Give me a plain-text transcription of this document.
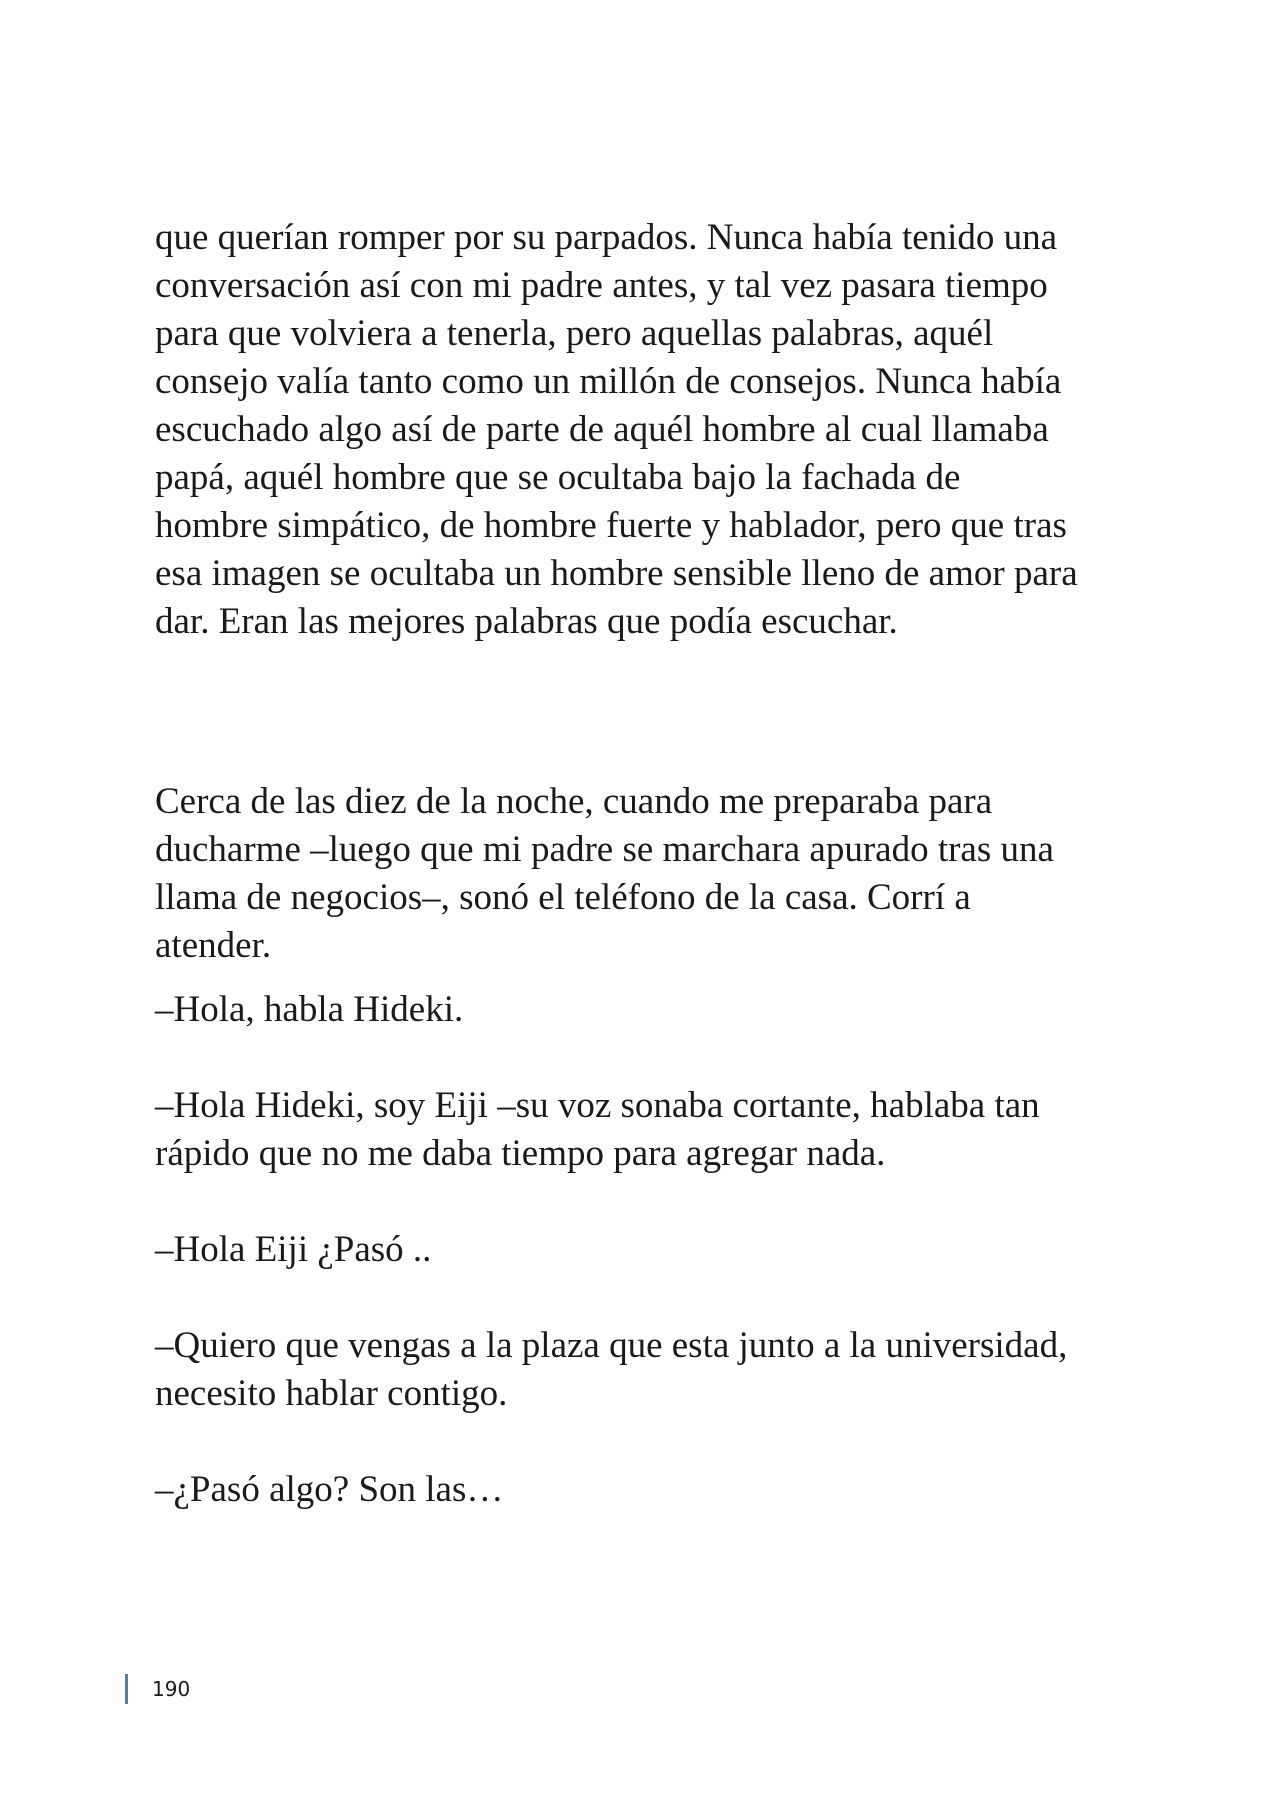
que querían romper por su parpados. Nunca había tenido una
conversación así con mi padre antes, y tal vez pasara tiempo
para que volviera a tenerla, pero aquellas palabras, aquél
consejo valía tanto como un millón de consejos. Nunca había
escuchado algo así de parte de aquél hombre al cual llamaba
papá, aquél hombre que se ocultaba bajo la fachada de
hombre simpático, de hombre fuerte y hablador, pero que tras
esa imagen se ocultaba un hombre sensible lleno de amor para
dar. Eran las mejores palabras que podía escuchar.
Cerca de las diez de la noche, cuando me preparaba para
ducharme –luego que mi padre se marchara apurado tras una
llama de negocios–, sonó el teléfono de la casa. Corrí a
atender.
–Hola, habla Hideki.
–Hola Hideki, soy Eiji –su voz sonaba cortante, hablaba tan
rápido que no me daba tiempo para agregar nada.
–Hola Eiji ¿Pasó ..
–Quiero que vengas a la plaza que esta junto a la universidad,
necesito hablar contigo.
–¿Pasó algo? Son las…
190
